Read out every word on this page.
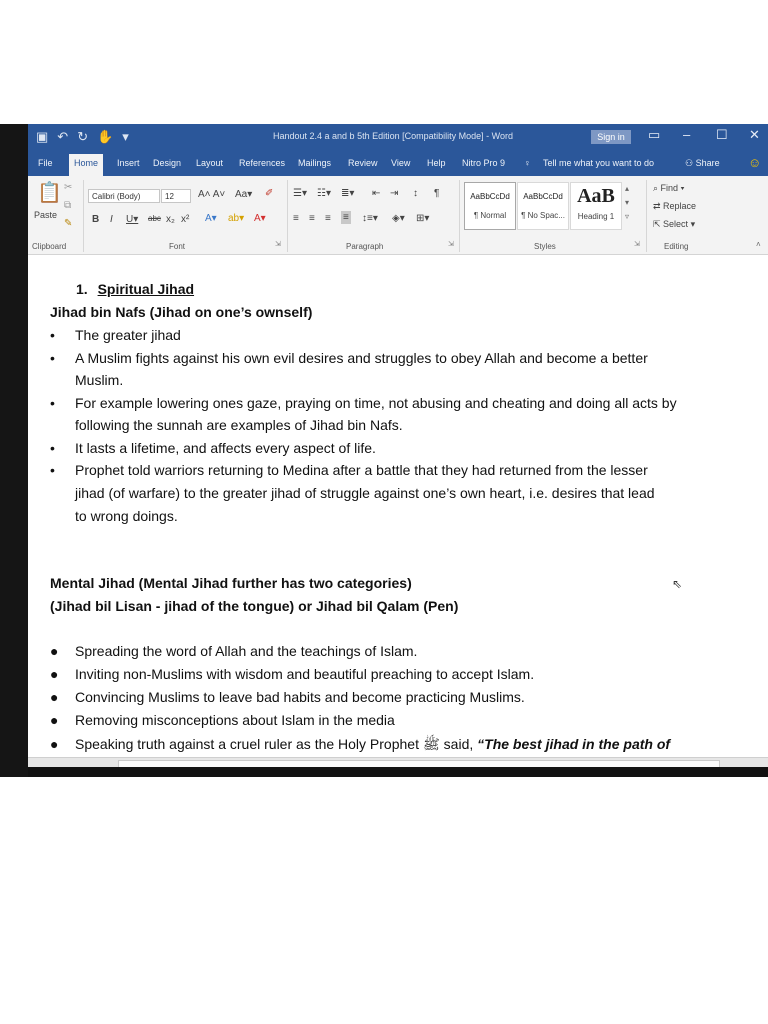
▣ ↶ ↻ ✋ ▾	Handout 2.4 a and b 5th Edition [Compatibility Mode] - Word	Sign in	▭ – ☐ ✕
File	Home	Insert Design Layout References Mailings Review View Help Nitro Pro 9 ♀ Tell me what you want to do	⚇ Share ☺
📋
Paste
✂
⧉
✎
Clipboard
Calibri (Body)	12	A˄ A˅ Aa▾ ✐
B I U▾ abc x₂ x² A▾ ab▾ A▾
Font	⇲
☰▾ ☷▾ ≣▾ ⇤ ⇥ ↕ ¶
≡ ≡ ≡ ≡ ↕≡▾ ◈▾ ⊞▾
Paragraph	⇲
AaBbCcDd
¶ Normal
AaBbCcDd
¶ No Spac...
AaB
Heading 1
▴
▾
▿
Styles	⇲
⌕ Find ▾
⇄ Replace
⇱ Select ▾
Editing	˄
1. Spiritual Jihad
Jihad bin Nafs (Jihad on one’s ownself)
• The greater jihad
• A Muslim fights against his own evil desires and struggles to obey Allah and become a better
Muslim.
• For example lowering ones gaze, praying on time, not abusing and cheating and doing all acts by
following the sunnah are examples of Jihad bin Nafs.
• It lasts a lifetime, and affects every aspect of life.
• Prophet told warriors returning to Medina after a battle that they had returned from the lesser
jihad (of warfare) to the greater jihad of struggle against one’s own heart, i.e. desires that lead
to wrong doings.
Mental Jihad (Mental Jihad further has two categories)
(Jihad bil Lisan - jihad of the tongue) or Jihad bil Qalam (Pen)
● Spreading the word of Allah and the teachings of Islam.
● Inviting non-Muslims with wisdom and beautiful preaching to accept Islam.
● Convincing Muslims to leave bad habits and become practicing Muslims.
● Removing misconceptions about Islam in the media
● Speaking truth against a cruel ruler as the Holy Prophet ﷺ said, “The best jihad in the path of
⇖
